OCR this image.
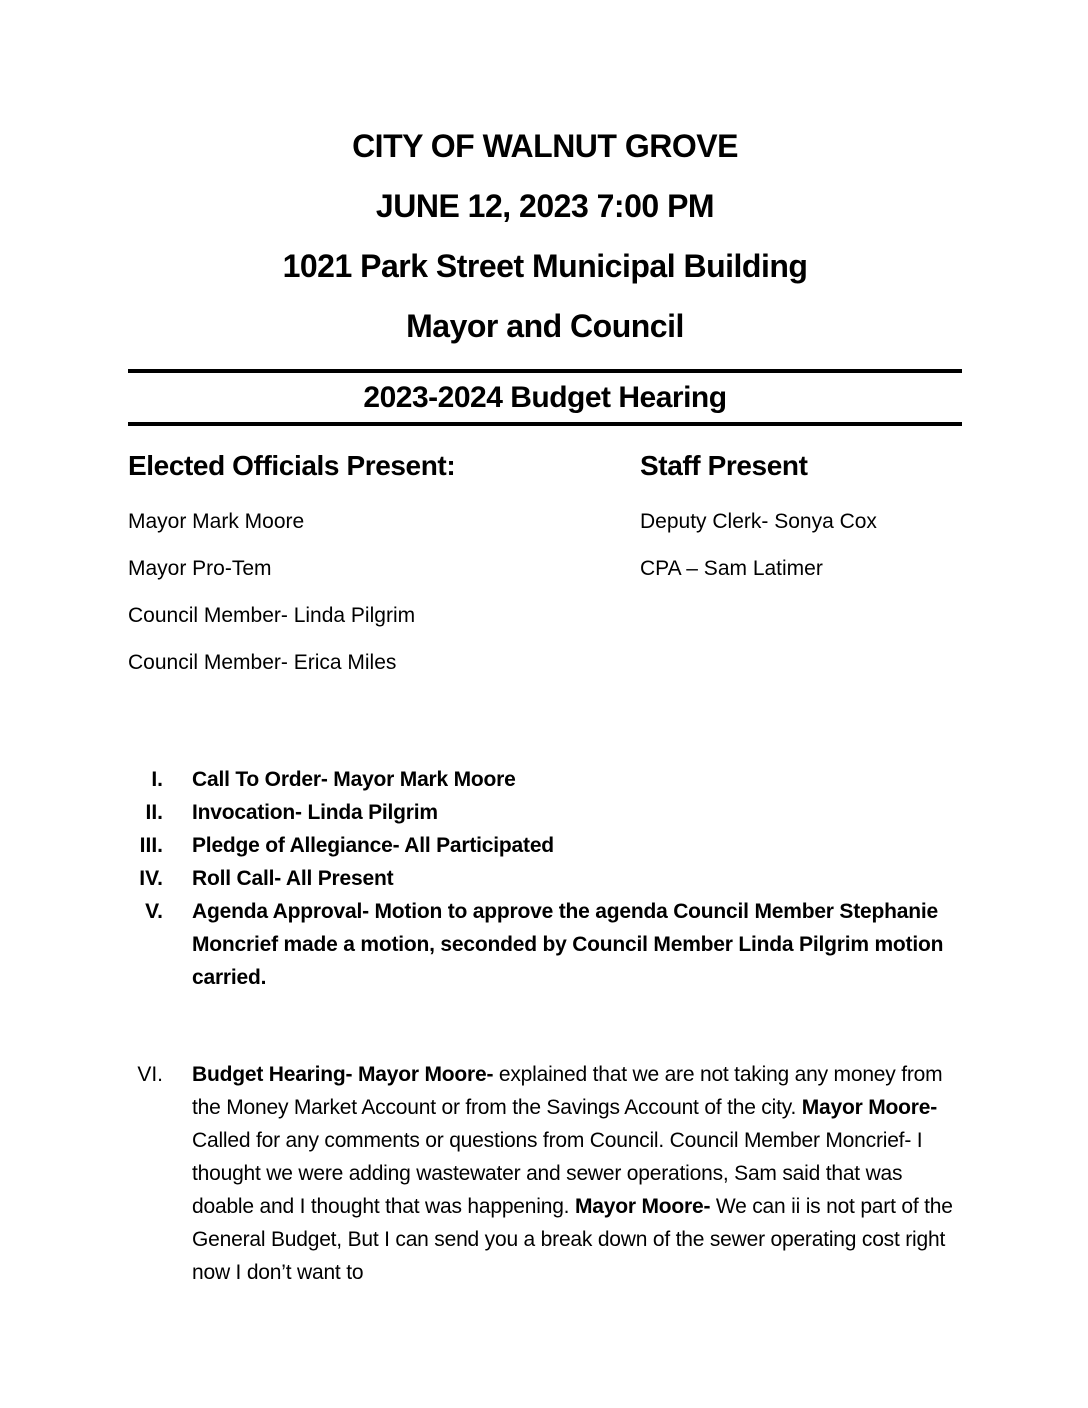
CITY OF WALNUT GROVE
JUNE 12, 2023 7:00 PM
1021 Park Street Municipal Building
Mayor and Council
2023-2024 Budget Hearing
Elected Officials Present:
Mayor Mark Moore
Mayor Pro-Tem
Council Member- Linda Pilgrim
Council Member- Erica Miles
Staff Present
Deputy Clerk- Sonya Cox
CPA – Sam Latimer
I.	Call To Order- Mayor Mark Moore
II.	Invocation- Linda Pilgrim
III.	Pledge of Allegiance- All Participated
IV.	Roll Call- All Present
V.	Agenda Approval- Motion to approve the agenda Council Member Stephanie Moncrief made a motion, seconded by Council Member Linda Pilgrim motion carried.
VI.	Budget Hearing- Mayor Moore- explained that we are not taking any money from the Money Market Account or from the Savings Account of the city. Mayor Moore- Called for any comments or questions from Council. Council Member Moncrief- I thought we were adding wastewater and sewer operations, Sam said that was doable and I thought that was happening. Mayor Moore- We can ii is not part of the General Budget, But I can send you a break down of the sewer operating cost right now I don’t want to
